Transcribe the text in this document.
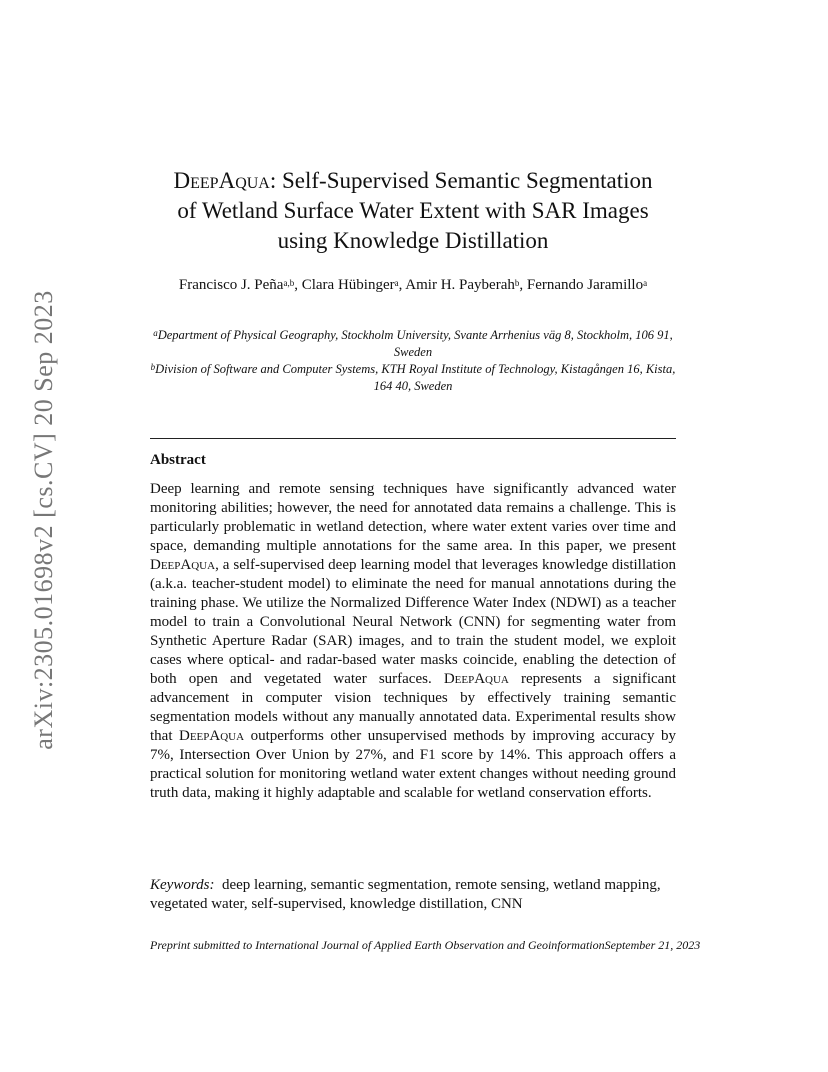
arXiv:2305.01698v2 [cs.CV] 20 Sep 2023
DeepAqua: Self-Supervised Semantic Segmentation
of Wetland Surface Water Extent with SAR Images
using Knowledge Distillation
Francisco J. Peña$^{a,b}$, Clara Hübinger$^a$, Amir H. Payberah$^b$, Fernando Jaramillo$^a$

$^a$Department of Physical Geography, Stockholm University, Svante Arrhenius väg 8, Stockholm, 106 91, Sweden

$^b$Division of Software and Computer Systems, KTH Royal Institute of Technology, Kistagången 16, Kista, 164 40, Sweden

Abstract

Deep learning and remote sensing techniques have significantly advanced water monitoring abilities; however, the need for annotated data remains a challenge. This is particularly problematic in wetland detection, where water extent varies over time and space, demanding multiple annotations for the same area. In this paper, we present DeepAqua, a self-supervised deep learning model that leverages knowledge distillation (a.k.a. teacher-student model) to eliminate the need for manual annotations during the training phase. We utilize the Normalized Difference Water Index (NDWI) as a teacher model to train a Convolutional Neural Network (CNN) for segmenting water from Synthetic Aperture Radar (SAR) images, and to train the student model, we exploit cases where optical- and radar-based water masks coincide, enabling the detection of both open and vegetated water surfaces. DeepAqua represents a significant advancement in computer vision techniques by effectively training semantic segmentation models without any manually annotated data. Experimental results show that DeepAqua outperforms other unsupervised methods by improving accuracy by 7%, Intersection Over Union by 27%, and F1 score by 14%. This approach offers a practical solution for monitoring wetland water extent changes without needing ground truth data, making it highly adaptable and scalable for wetland conservation efforts.

Keywords: deep learning, semantic segmentation, remote sensing, wetland mapping, vegetated water, self-supervised, knowledge distillation, CNN
Preprint submitted to International Journal of Applied Earth Observation and GeoinformationSeptember 21, 2023
